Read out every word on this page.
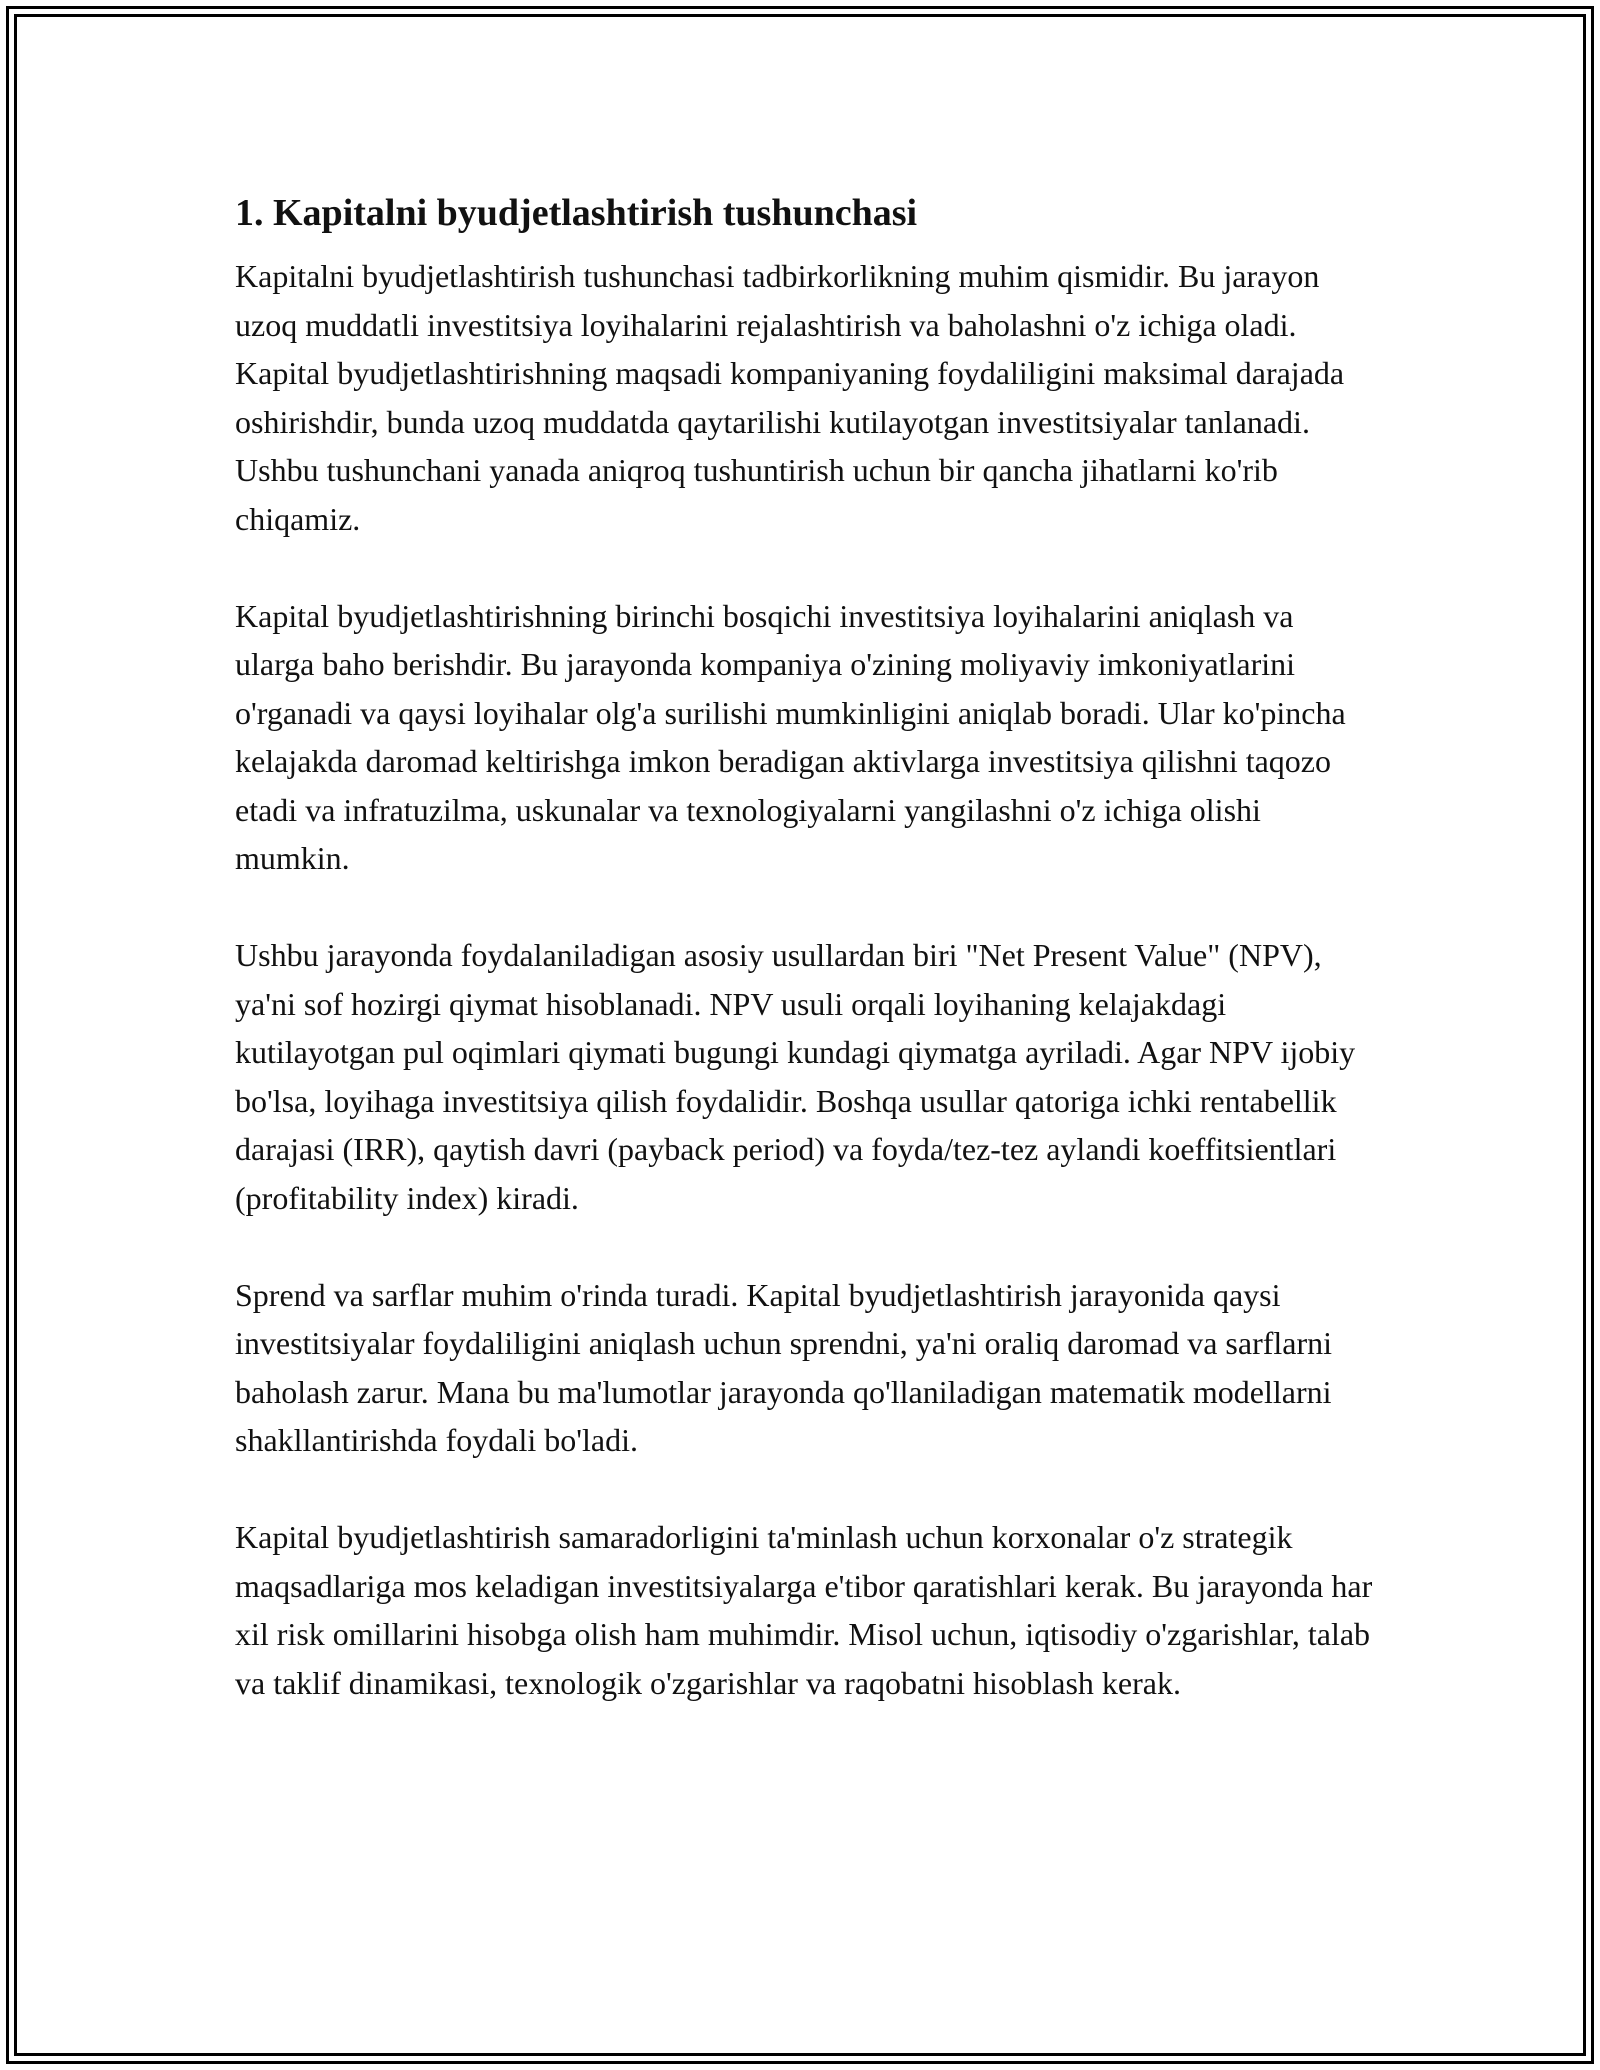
1. Kapitalni byudjetlashtirish tushunchasi

Kapitalni byudjetlashtirish tushunchasi tadbirkorlikning muhim qismidir. Bu jarayon uzoq muddatli investitsiya loyihalarini rejalashtirish va baholashni o'z ichiga oladi. Kapital byudjetlashtirishning maqsadi kompaniyaning foydaliligini maksimal darajada oshirishdir, bunda uzoq muddatda qaytarilishi kutilayotgan investitsiyalar tanlanadi. Ushbu tushunchani yanada aniqroq tushuntirish uchun bir qancha jihatlarni ko'rib chiqamiz.

Kapital byudjetlashtirishning birinchi bosqichi investitsiya loyihalarini aniqlash va ularga baho berishdir. Bu jarayonda kompaniya o'zining moliyaviy imkoniyatlarini o'rganadi va qaysi loyihalar olg'a surilishi mumkinligini aniqlab boradi. Ular ko'pincha kelajakda daromad keltirishga imkon beradigan aktivlarga investitsiya qilishni taqozo etadi va infratuzilma, uskunalar va texnologiyalarni yangilashni o'z ichiga olishi mumkin.

Ushbu jarayonda foydalaniladigan asosiy usullardan biri "Net Present Value" (NPV), ya'ni sof hozirgi qiymat hisoblanadi. NPV usuli orqali loyihaning kelajakdagi kutilayotgan pul oqimlari qiymati bugungi kundagi qiymatga ayriladi. Agar NPV ijobiy bo'lsa, loyihaga investitsiya qilish foydalidir. Boshqa usullar qatoriga ichki rentabellik darajasi (IRR), qaytish davri (payback period) va foyda/tez-tez aylandi koeffitsientlari (profitability index) kiradi.

Sprend va sarflar muhim o'rinda turadi. Kapital byudjetlashtirish jarayonida qaysi investitsiyalar foydaliligini aniqlash uchun sprendni, ya'ni oraliq daromad va sarflarni baholash zarur. Mana bu ma'lumotlar jarayonda qo'llaniladigan matematik modellarni shakllantirishda foydali bo'ladi.

Kapital byudjetlashtirish samaradorligini ta'minlash uchun korxonalar o'z strategik maqsadlariga mos keladigan investitsiyalarga e'tibor qaratishlari kerak. Bu jarayonda har xil risk omillarini hisobga olish ham muhimdir. Misol uchun, iqtisodiy o'zgarishlar, talab va taklif dinamikasi, texnologik o'zgarishlar va raqobatni hisoblash kerak.
